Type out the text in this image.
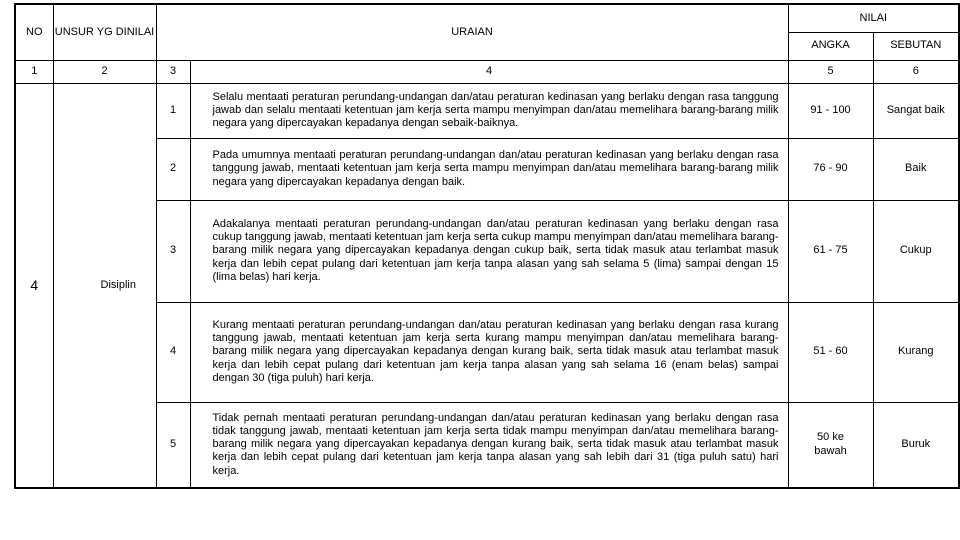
NO	UNSUR YG DINILAI	URAIAN		NILAI	
				ANGKA	SEBUTAN
1	2	3	4	5	6
4	Disiplin	1	Selalu mentaati peraturan perundang-undangan dan/atau peraturan kedinasan yang berlaku dengan rasa tanggung jawab dan selalu mentaati ketentuan jam kerja serta mampu menyimpan dan/atau memelihara barang-barang milik negara yang dipercayakan kepadanya dengan sebaik-baiknya.	91 - 100	Sangat baik
		2	Pada umumnya mentaati peraturan perundang-undangan dan/atau peraturan kedinasan yang berlaku dengan rasa tanggung jawab, mentaati ketentuan jam kerja serta mampu menyimpan dan/atau memelihara barang-barang milik negara yang dipercayakan kepadanya dengan baik.	76 - 90	Baik
		3	Adakalanya mentaati peraturan perundang-undangan dan/atau peraturan kedinasan yang berlaku dengan rasa cukup tanggung jawab, mentaati ketentuan jam kerja serta cukup mampu menyimpan dan/atau memelihara barang-barang milik negara yang dipercayakan kepadanya dengan cukup baik, serta tidak masuk atau terlambat masuk kerja dan lebih cepat pulang dari ketentuan jam kerja tanpa alasan yang sah selama 5 (lima) sampai dengan 15 (lima belas) hari kerja.	61 - 75	Cukup
		4	Kurang mentaati peraturan perundang-undangan dan/atau peraturan kedinasan yang berlaku dengan rasa kurang tanggung jawab, mentaati ketentuan jam kerja serta kurang mampu menyimpan dan/atau memelihara barang-barang milik negara yang dipercayakan kepadanya dengan kurang baik, serta tidak masuk atau terlambat masuk kerja dan lebih cepat pulang dari ketentuan jam kerja tanpa alasan yang sah selama 16 (enam belas) sampai dengan 30 (tiga puluh) hari kerja.	51 - 60	Kurang
		5	Tidak pernah mentaati peraturan perundang-undangan dan/atau peraturan kedinasan yang berlaku dengan rasa tidak tanggung jawab, mentaati ketentuan jam kerja serta tidak mampu menyimpan dan/atau memelihara barang-barang milik negara yang dipercayakan kepadanya dengan kurang baik, serta tidak masuk atau terlambat masuk kerja dan lebih cepat pulang dari ketentuan jam kerja tanpa alasan yang sah lebih dari 31 (tiga puluh satu) hari kerja.	50 ke bawah	Buruk
